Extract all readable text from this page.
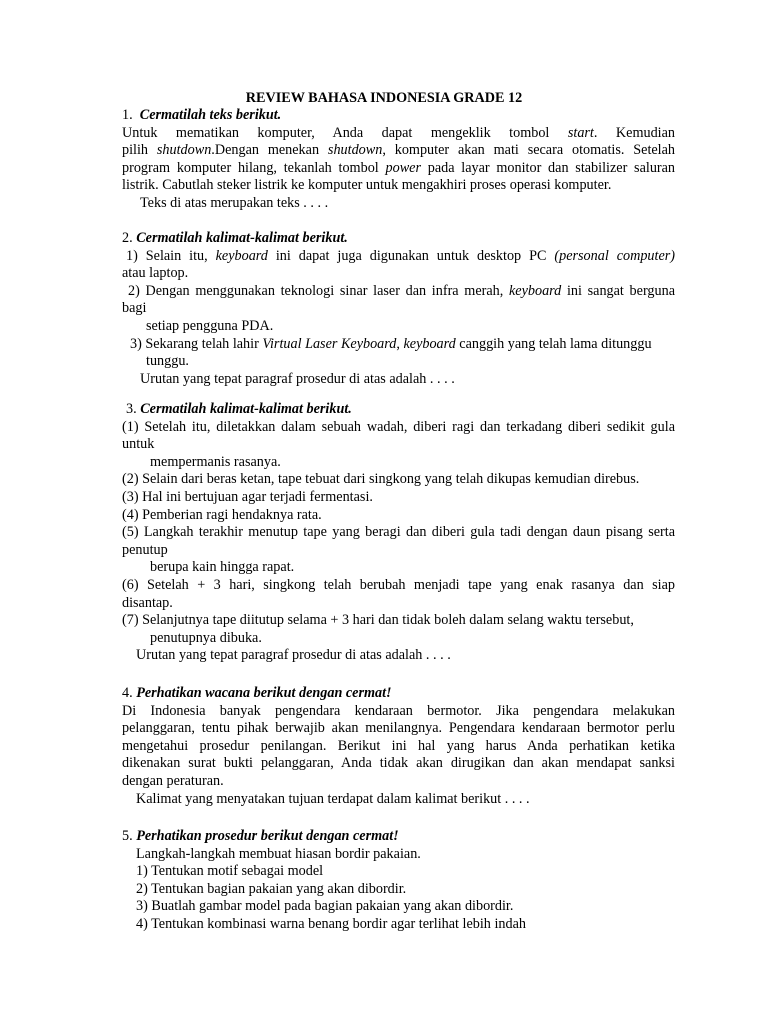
REVIEW BAHASA INDONESIA GRADE 12
1. Cermatilah teks berikut.
Untuk mematikan komputer, Anda dapat mengeklik tombol start. Kemudian
pilih shutdown.Dengan menekan shutdown, komputer akan mati secara otomatis. Setelah
program komputer hilang, tekanlah tombol power pada layar monitor dan stabilizer saluran
listrik. Cabutlah steker listrik ke komputer untuk mengakhiri proses operasi komputer.
Teks di atas merupakan teks . . . .
2. Cermatilah kalimat-kalimat berikut.
1) Selain itu, keyboard ini dapat juga digunakan untuk desktop PC (personal computer)
atau laptop.
2) Dengan menggunakan teknologi sinar laser dan infra merah, keyboard ini sangat berguna
bagi
setiap pengguna PDA.
3) Sekarang telah lahir Virtual Laser Keyboard, keyboard canggih yang telah lama ditunggu
tunggu.
Urutan yang tepat paragraf prosedur di atas adalah . . . .
3. Cermatilah kalimat-kalimat berikut.
(1) Setelah itu, diletakkan dalam sebuah wadah, diberi ragi dan terkadang diberi sedikit gula
untuk
mempermanis rasanya.
(2) Selain dari beras ketan, tape tebuat dari singkong yang telah dikupas kemudian direbus.
(3) Hal ini bertujuan agar terjadi fermentasi.
(4) Pemberian ragi hendaknya rata.
(5) Langkah terakhir menutup tape yang beragi dan diberi gula tadi dengan daun pisang serta
penutup
berupa kain hingga rapat.
(6) Setelah + 3 hari, singkong telah berubah menjadi tape yang enak rasanya dan siap
disantap.
(7) Selanjutnya tape diitutup selama + 3 hari dan tidak boleh dalam selang waktu tersebut,
penutupnya dibuka.
Urutan yang tepat paragraf prosedur di atas adalah . . . .
4. Perhatikan wacana berikut dengan cermat!
Di Indonesia banyak pengendara kendaraan bermotor. Jika pengendara melakukan
pelanggaran, tentu pihak berwajib akan menilangnya. Pengendara kendaraan bermotor perlu
mengetahui prosedur penilangan. Berikut ini hal yang harus Anda perhatikan ketika
dikenakan surat bukti pelanggaran, Anda tidak akan dirugikan dan akan mendapat sanksi
dengan peraturan.
Kalimat yang menyatakan tujuan terdapat dalam kalimat berikut . . . .
5. Perhatikan prosedur berikut dengan cermat!
Langkah-langkah membuat hiasan bordir pakaian.
1) Tentukan motif sebagai model
2) Tentukan bagian pakaian yang akan dibordir.
3) Buatlah gambar model pada bagian pakaian yang akan dibordir.
4) Tentukan kombinasi warna benang bordir agar terlihat lebih indah
